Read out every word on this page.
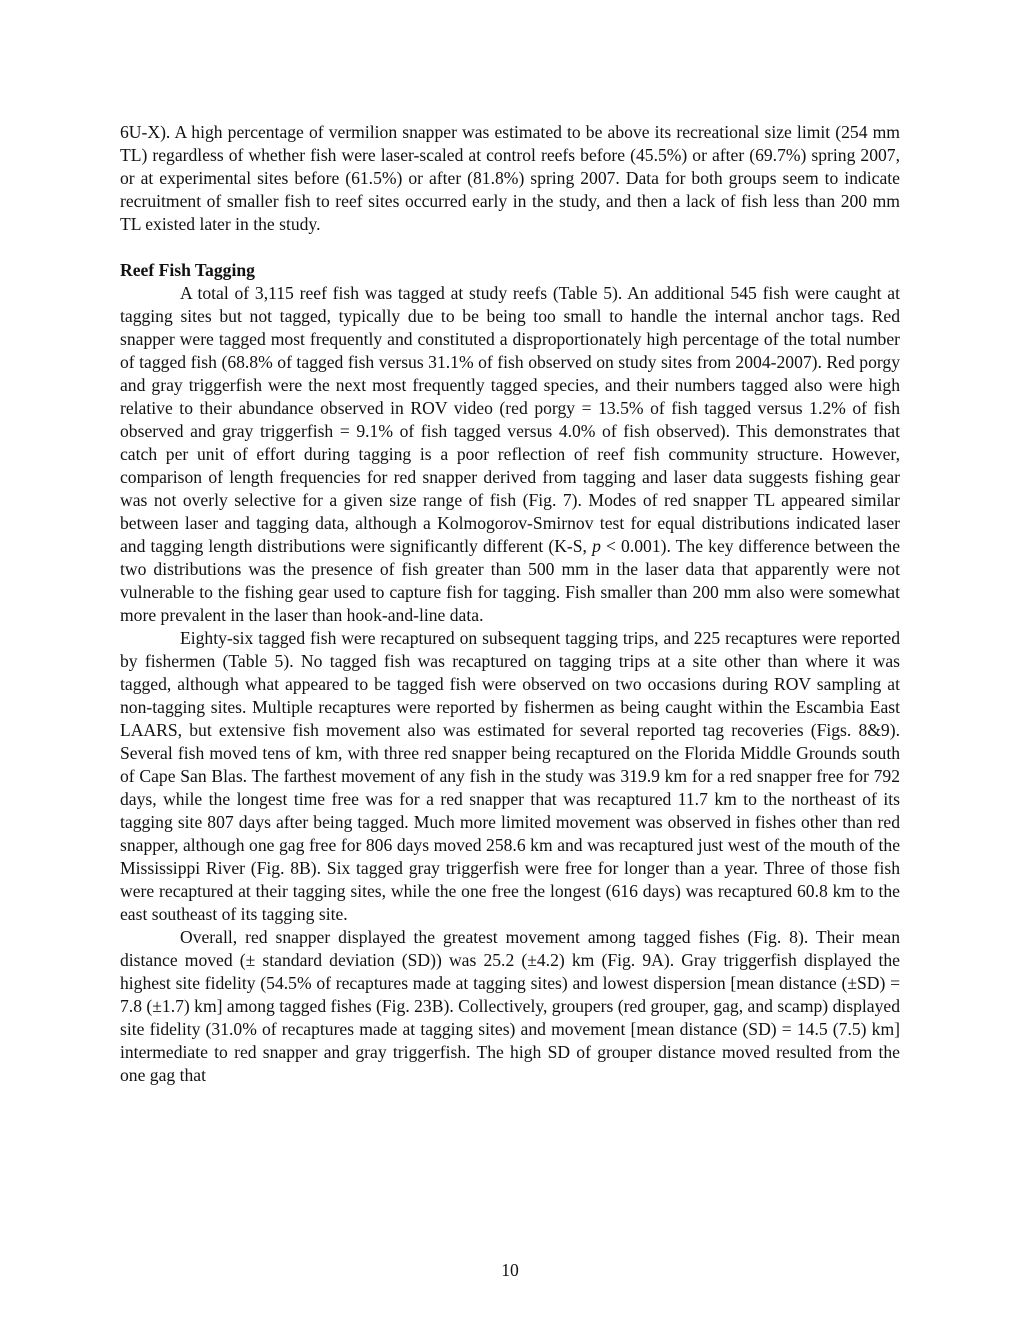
6U-X). A high percentage of vermilion snapper was estimated to be above its recreational size limit (254 mm TL) regardless of whether fish were laser-scaled at control reefs before (45.5%) or after (69.7%) spring 2007, or at experimental sites before (61.5%) or after (81.8%) spring 2007. Data for both groups seem to indicate recruitment of smaller fish to reef sites occurred early in the study, and then a lack of fish less than 200 mm TL existed later in the study.

Reef Fish Tagging

A total of 3,115 reef fish was tagged at study reefs (Table 5). An additional 545 fish were caught at tagging sites but not tagged, typically due to be being too small to handle the internal anchor tags. Red snapper were tagged most frequently and constituted a disproportionately high percentage of the total number of tagged fish (68.8% of tagged fish versus 31.1% of fish observed on study sites from 2004-2007). Red porgy and gray triggerfish were the next most frequently tagged species, and their numbers tagged also were high relative to their abundance observed in ROV video (red porgy = 13.5% of fish tagged versus 1.2% of fish observed and gray triggerfish = 9.1% of fish tagged versus 4.0% of fish observed). This demonstrates that catch per unit of effort during tagging is a poor reflection of reef fish community structure. However, comparison of length frequencies for red snapper derived from tagging and laser data suggests fishing gear was not overly selective for a given size range of fish (Fig. 7). Modes of red snapper TL appeared similar between laser and tagging data, although a Kolmogorov-Smirnov test for equal distributions indicated laser and tagging length distributions were significantly different (K-S, p < 0.001). The key difference between the two distributions was the presence of fish greater than 500 mm in the laser data that apparently were not vulnerable to the fishing gear used to capture fish for tagging. Fish smaller than 200 mm also were somewhat more prevalent in the laser than hook-and-line data.

Eighty-six tagged fish were recaptured on subsequent tagging trips, and 225 recaptures were reported by fishermen (Table 5). No tagged fish was recaptured on tagging trips at a site other than where it was tagged, although what appeared to be tagged fish were observed on two occasions during ROV sampling at non-tagging sites. Multiple recaptures were reported by fishermen as being caught within the Escambia East LAARS, but extensive fish movement also was estimated for several reported tag recoveries (Figs. 8&9). Several fish moved tens of km, with three red snapper being recaptured on the Florida Middle Grounds south of Cape San Blas. The farthest movement of any fish in the study was 319.9 km for a red snapper free for 792 days, while the longest time free was for a red snapper that was recaptured 11.7 km to the northeast of its tagging site 807 days after being tagged. Much more limited movement was observed in fishes other than red snapper, although one gag free for 806 days moved 258.6 km and was recaptured just west of the mouth of the Mississippi River (Fig. 8B). Six tagged gray triggerfish were free for longer than a year. Three of those fish were recaptured at their tagging sites, while the one free the longest (616 days) was recaptured 60.8 km to the east southeast of its tagging site.

Overall, red snapper displayed the greatest movement among tagged fishes (Fig. 8). Their mean distance moved (± standard deviation (SD)) was 25.2 (±4.2) km (Fig. 9A). Gray triggerfish displayed the highest site fidelity (54.5% of recaptures made at tagging sites) and lowest dispersion [mean distance (±SD) = 7.8 (±1.7) km] among tagged fishes (Fig. 23B). Collectively, groupers (red grouper, gag, and scamp) displayed site fidelity (31.0% of recaptures made at tagging sites) and movement [mean distance (SD) = 14.5 (7.5) km] intermediate to red snapper and gray triggerfish. The high SD of grouper distance moved resulted from the one gag that

10
